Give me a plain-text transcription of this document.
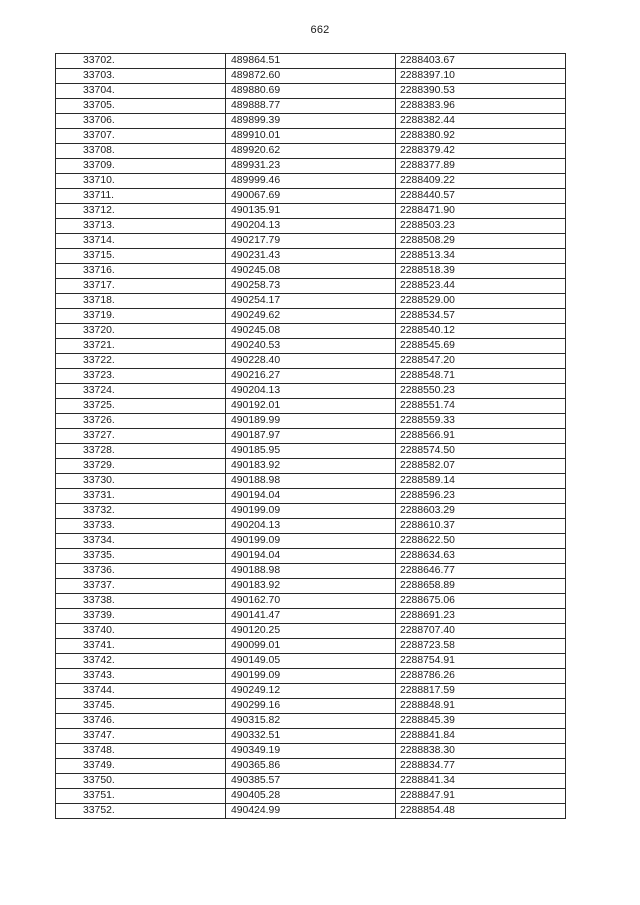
662
33702.	489864.51	2288403.67
33703.	489872.60	2288397.10
33704.	489880.69	2288390.53
33705.	489888.77	2288383.96
33706.	489899.39	2288382.44
33707.	489910.01	2288380.92
33708.	489920.62	2288379.42
33709.	489931.23	2288377.89
33710.	489999.46	2288409.22
33711.	490067.69	2288440.57
33712.	490135.91	2288471.90
33713.	490204.13	2288503.23
33714.	490217.79	2288508.29
33715.	490231.43	2288513.34
33716.	490245.08	2288518.39
33717.	490258.73	2288523.44
33718.	490254.17	2288529.00
33719.	490249.62	2288534.57
33720.	490245.08	2288540.12
33721.	490240.53	2288545.69
33722.	490228.40	2288547.20
33723.	490216.27	2288548.71
33724.	490204.13	2288550.23
33725.	490192.01	2288551.74
33726.	490189.99	2288559.33
33727.	490187.97	2288566.91
33728.	490185.95	2288574.50
33729.	490183.92	2288582.07
33730.	490188.98	2288589.14
33731.	490194.04	2288596.23
33732.	490199.09	2288603.29
33733.	490204.13	2288610.37
33734.	490199.09	2288622.50
33735.	490194.04	2288634.63
33736.	490188.98	2288646.77
33737.	490183.92	2288658.89
33738.	490162.70	2288675.06
33739.	490141.47	2288691.23
33740.	490120.25	2288707.40
33741.	490099.01	2288723.58
33742.	490149.05	2288754.91
33743.	490199.09	2288786.26
33744.	490249.12	2288817.59
33745.	490299.16	2288848.91
33746.	490315.82	2288845.39
33747.	490332.51	2288841.84
33748.	490349.19	2288838.30
33749.	490365.86	2288834.77
33750.	490385.57	2288841.34
33751.	490405.28	2288847.91
33752.	490424.99	2288854.48
